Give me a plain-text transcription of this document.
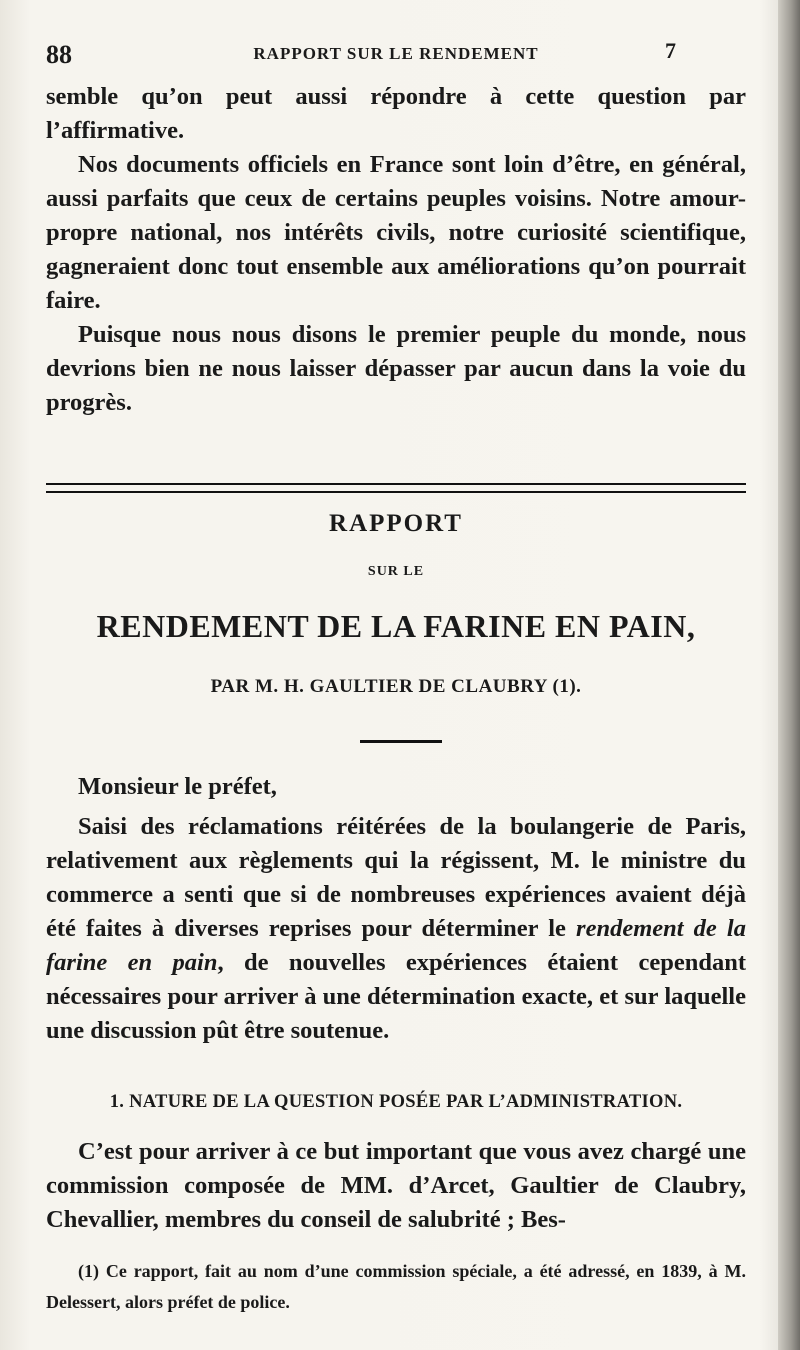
88	RAPPORT SUR LE RENDEMENT	7

semble qu’on peut aussi répondre à cette question par l’affirmative.

Nos documents officiels en France sont loin d’être, en général, aussi parfaits que ceux de certains peuples voisins. Notre amour-propre national, nos intérêts civils, notre curiosité scientifique, gagneraient donc tout ensemble aux améliorations qu’on pourrait faire.

Puisque nous nous disons le premier peuple du monde, nous devrions bien ne nous laisser dépasser par aucun dans la voie du progrès.

RAPPORT
SUR LE
RENDEMENT DE LA FARINE EN PAIN,
PAR M. H. GAULTIER DE CLAUBRY (1).

Monsieur le préfet,

Saisi des réclamations réitérées de la boulangerie de Paris, relativement aux règlements qui la régissent, M. le ministre du commerce a senti que si de nombreuses expériences avaient déjà été faites à diverses reprises pour déterminer le rendement de la farine en pain, de nouvelles expériences étaient cependant nécessaires pour arriver à une détermination exacte, et sur laquelle une discussion pût être soutenue.

1. NATURE DE LA QUESTION POSÉE PAR L’ADMINISTRATION.

C’est pour arriver à ce but important que vous avez chargé une commission composée de MM. d’Arcet, Gaultier de Claubry, Chevallier, membres du conseil de salubrité ; Bes-

(1) Ce rapport, fait au nom d’une commission spéciale, a été adressé, en 1839, à M. Delessert, alors préfet de police.
